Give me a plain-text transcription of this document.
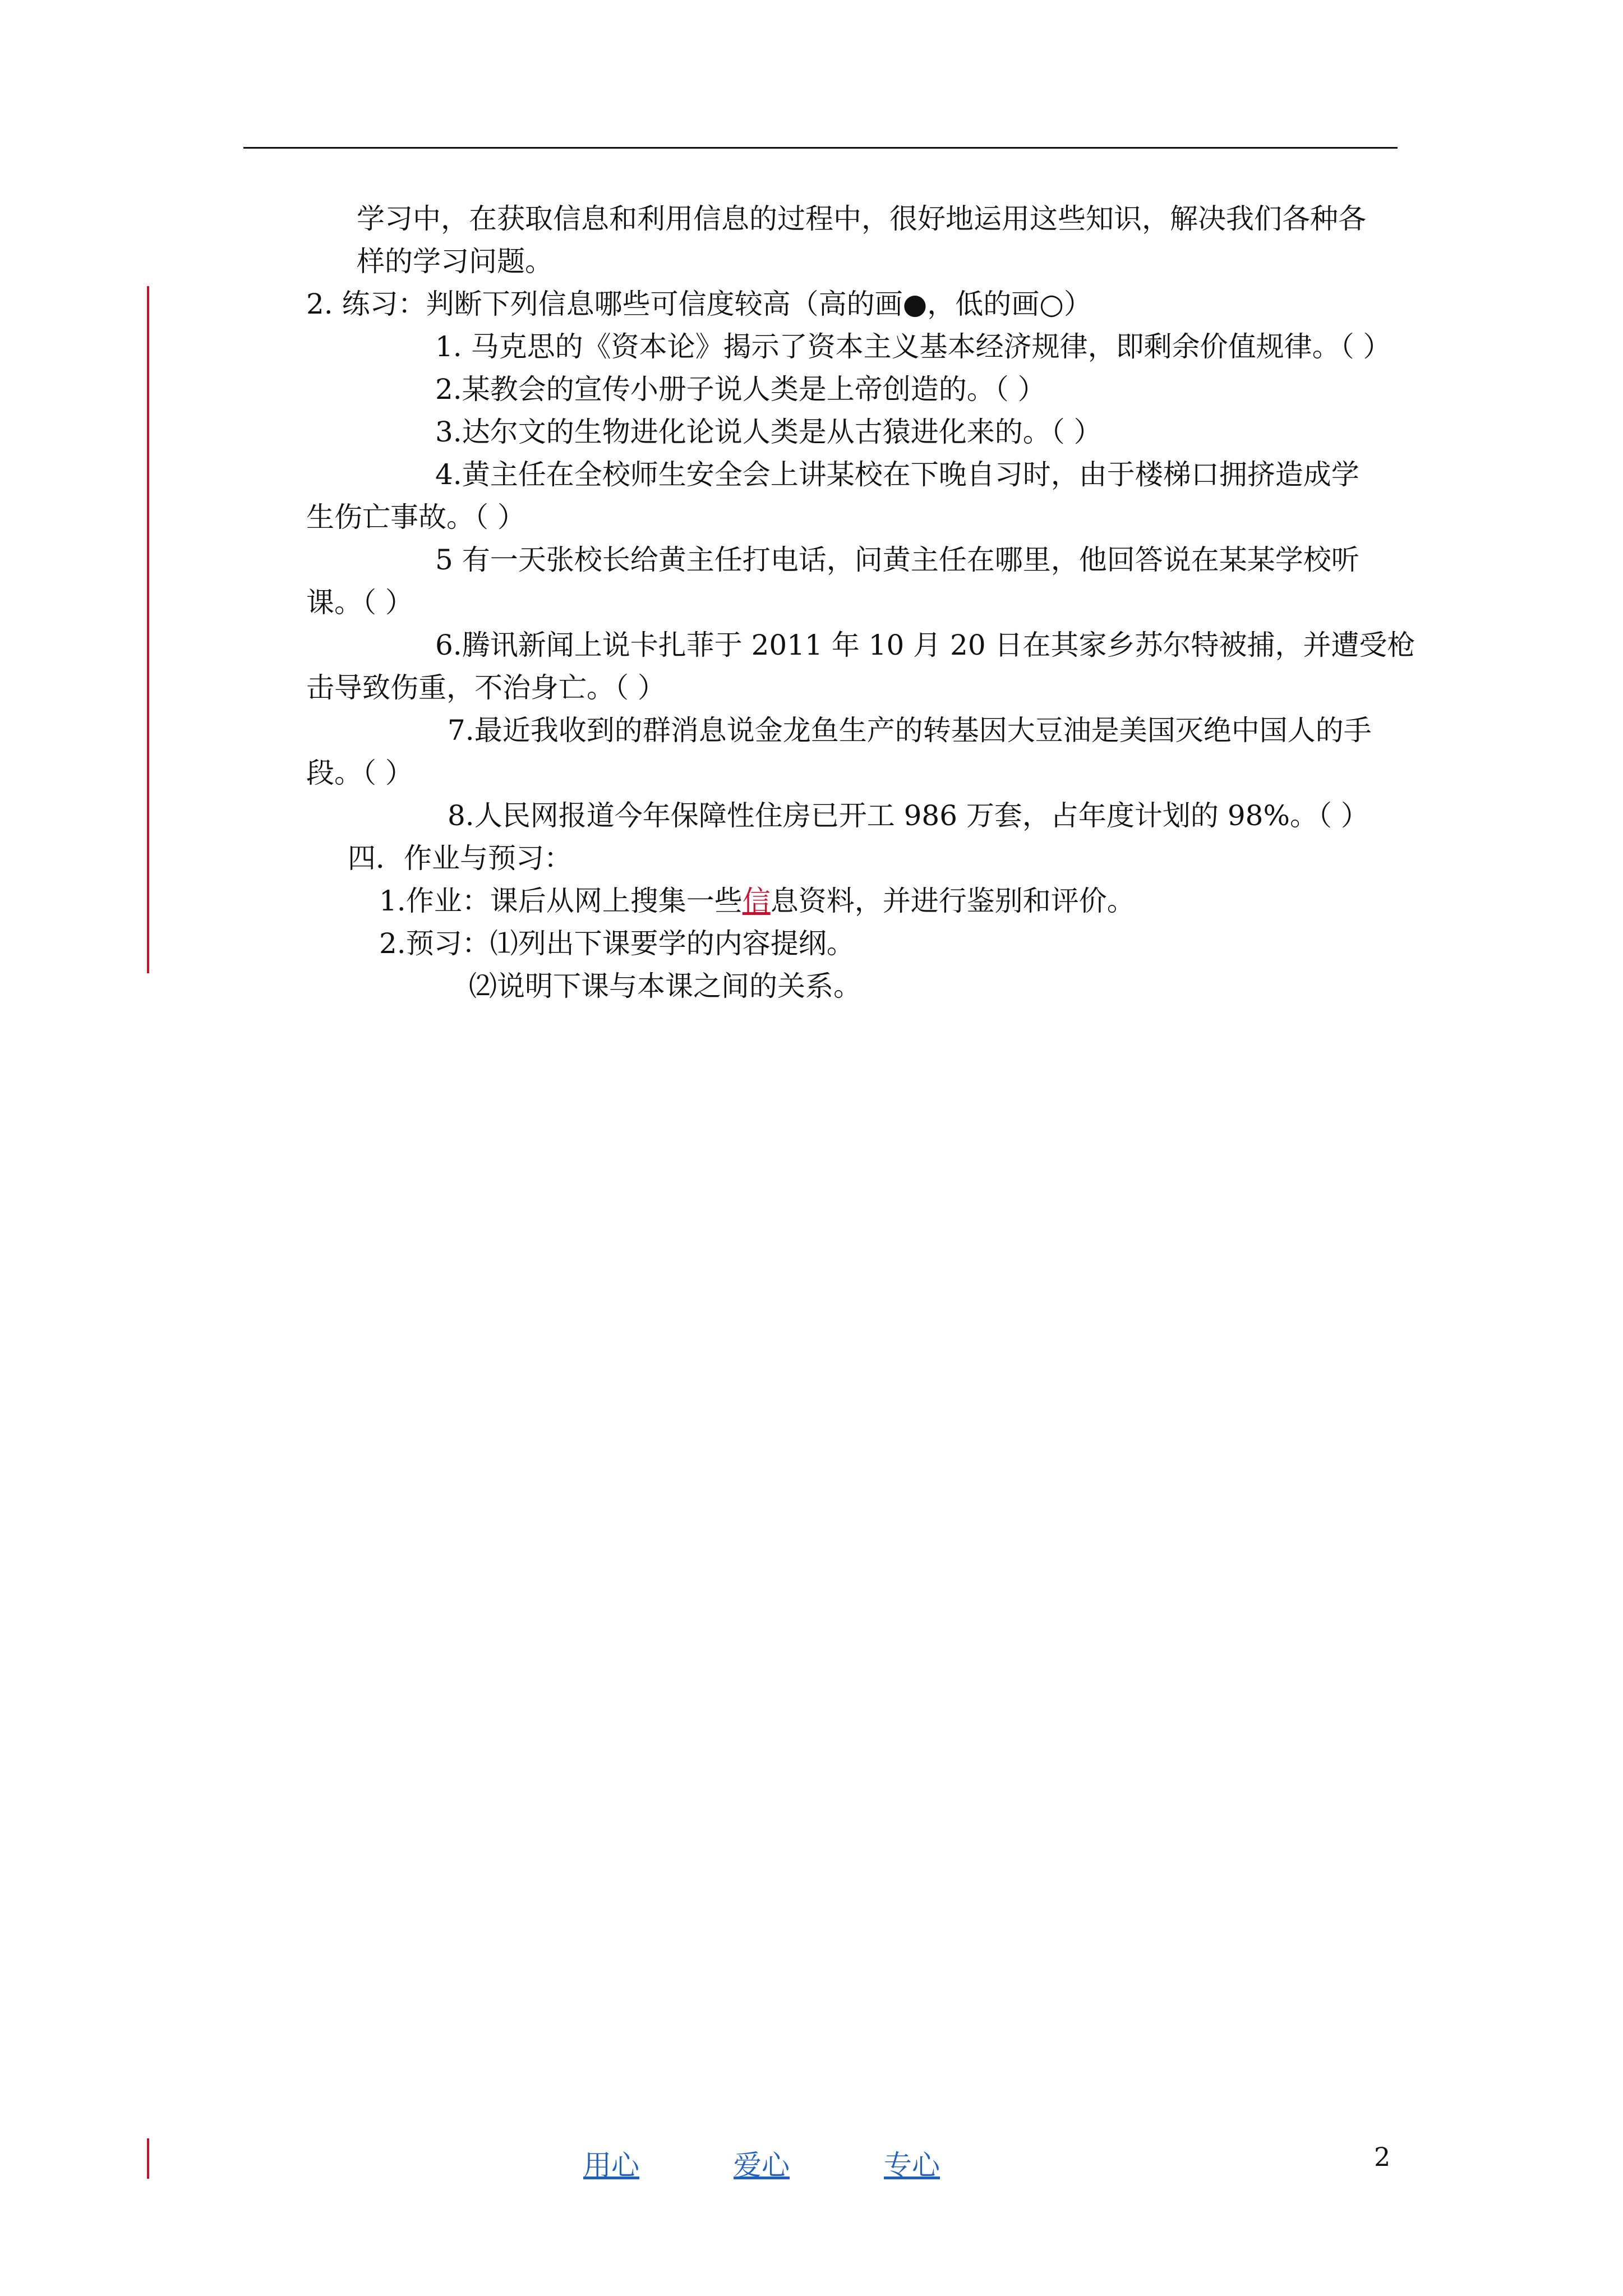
学习中，在获取信息和利用信息的过程中，很好地运用这些知识，解决我们各种各
样的学习问题。
2. 练习：判断下列信息哪些可信度较高（高的画●，低的画○）
1. 马克思的《资本论》揭示了资本主义基本经济规律，即剩余价值规律。（ ）
2.某教会的宣传小册子说人类是上帝创造的。（ ）
3.达尔文的生物进化论说人类是从古猿进化来的。（ ）
4.黄主任在全校师生安全会上讲某校在下晚自习时，由于楼梯口拥挤造成学
生伤亡事故。（ ）
5 有一天张校长给黄主任打电话，问黄主任在哪里，他回答说在某某学校听
课。（ ）
6.腾讯新闻上说卡扎菲于 2011 年 10 月 20 日在其家乡苏尔特被捕，并遭受枪
击导致伤重，不治身亡。（ ）
7.最近我收到的群消息说金龙鱼生产的转基因大豆油是美国灭绝中国人的手
段。（ ）
8.人民网报道今年保障性住房已开工 986 万套，占年度计划的 98%。（ ）
四．作业与预习：
1.作业：课后从网上搜集一些信息资料，并进行鉴别和评价。
2.预习：⑴列出下课要学的内容提纲。
⑵说明下课与本课之间的关系。
用心	爱心	专心	2
